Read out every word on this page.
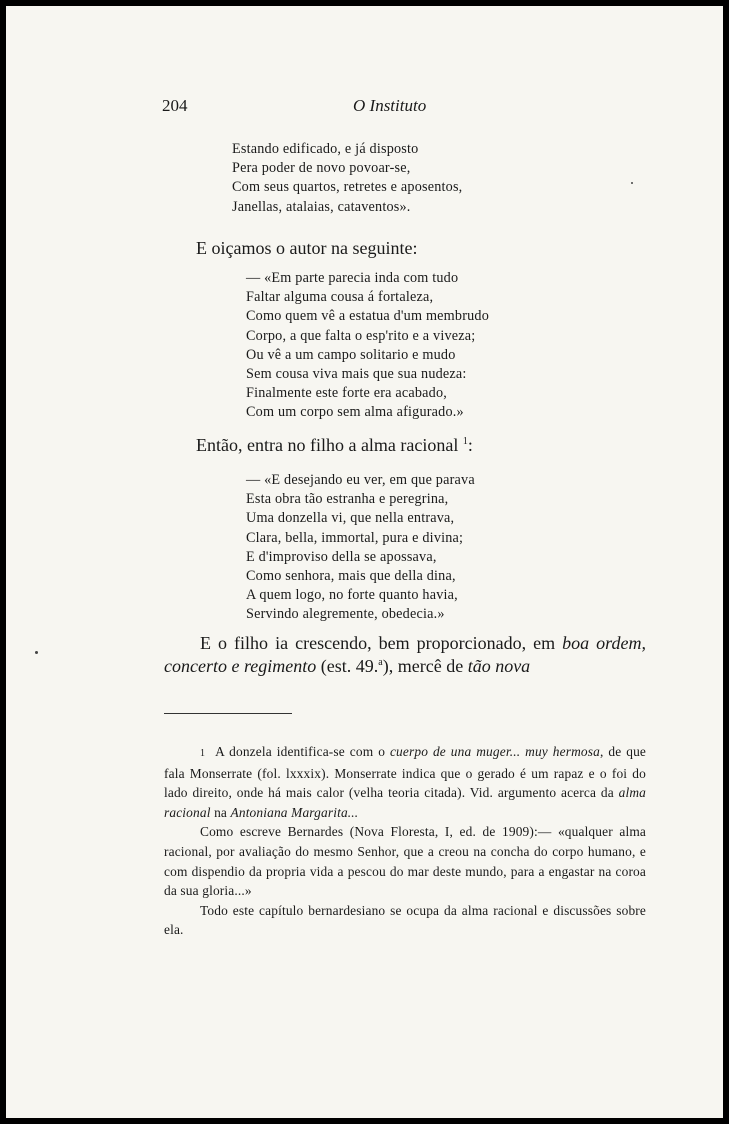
204	O Instituto
Estando edificado, e já disposto
Pera poder de novo povoar-se,
Com seus quartos, retretes e aposentos,
Janellas, atalaias, cataventos».
E oiçamos o autor na seguinte:
— «Em parte parecia inda com tudo
Faltar alguma cousa á fortaleza,
Como quem vê a estatua d'um membrudo
Corpo, a que falta o esp'rito e a viveza;
Ou vê a um campo solitario e mudo
Sem cousa viva mais que sua nudeza:
Finalmente este forte era acabado,
Com um corpo sem alma afigurado.»
Então, entra no filho a alma racional $^1$:
— «E desejando eu ver, em que parava
Esta obra tão estranha e peregrina,
Uma donzella vi, que nella entrava,
Clara, bella, immortal, pura e divina;
E d'improviso della se apossava,
Como senhora, mais que della dina,
A quem logo, no forte quanto havia,
Servindo alegremente, obedecia.»
E o filho ia crescendo, bem proporcionado, em boa ordem, concerto e regimento (est. 49.$^a$), mercê de tão nova

1 A donzela identifica-se com o cuerpo de una muger... muy hermosa, de que fala Monserrate (fol. lxxxix). Monserrate indica que o gerado é um rapaz e o foi do lado direito, onde há mais calor (velha teoria citada). Vid. argumento acerca da alma racional na Antoniana Margarita...

Como escreve Bernardes (Nova Floresta, I, ed. de 1909):— «qualquer alma racional, por avaliação do mesmo Senhor, que a creou na concha do corpo humano, e com dispendio da propria vida a pescou do mar deste mundo, para a engastar na coroa da sua gloria...»

Todo este capítulo bernardesiano se ocupa da alma racional e discussões sobre ela.
